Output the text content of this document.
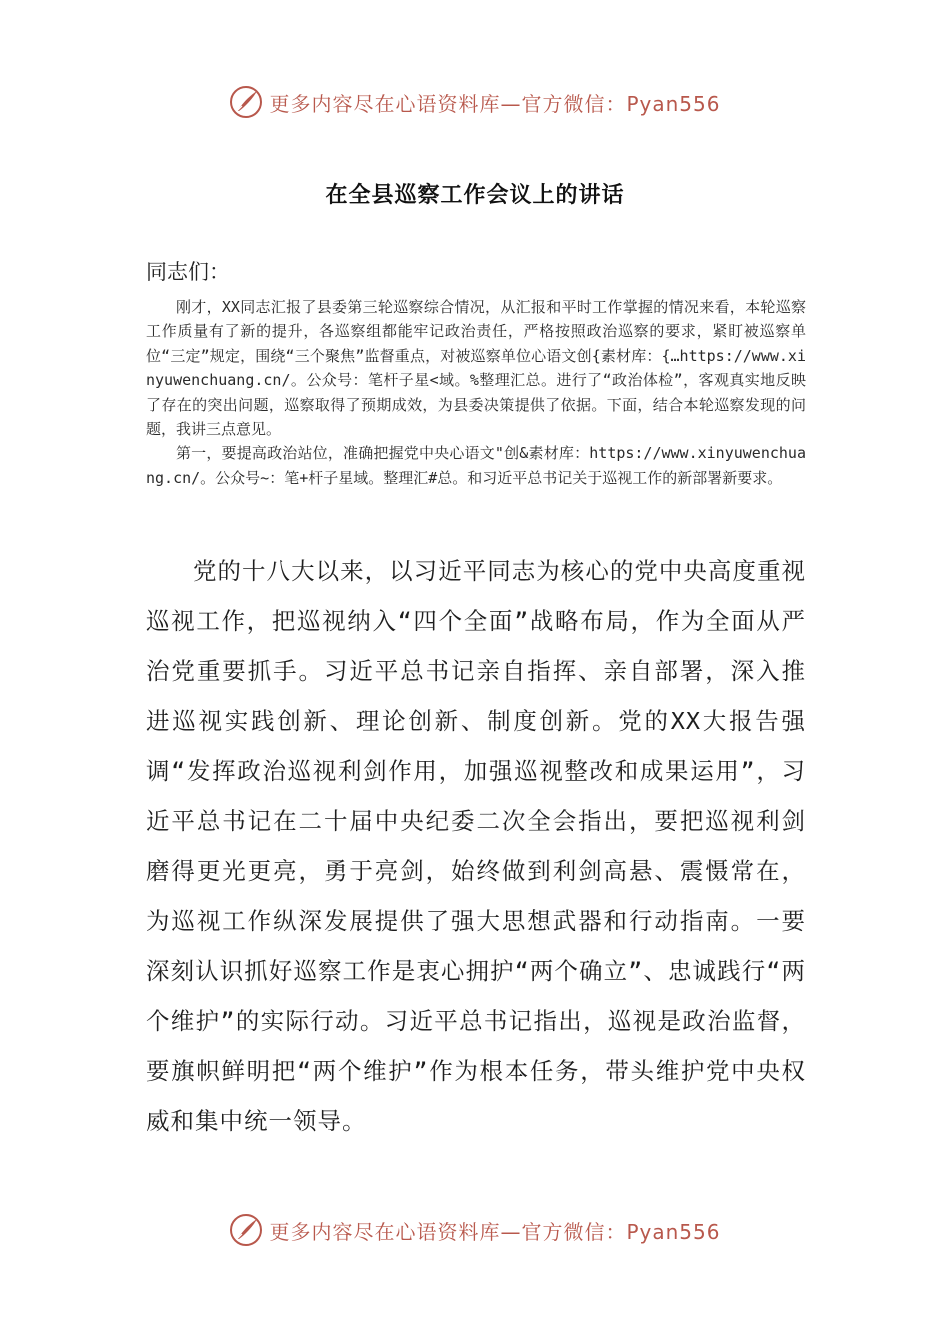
更多内容尽在心语资料库—官方微信：Pyan556
在全县巡察工作会议上的讲话
同志们：

刚才，XX同志汇报了县委第三轮巡察综合情况，从汇报和平时工作掌握的情况来看，本轮巡察工作质量有了新的提升，各巡察组都能牢记政治责任，严格按照政治巡察的要求，紧盯被巡察单位“三定”规定，围绕“三个聚焦”监督重点，对被巡察单位心语文创{素材库：{…https://www.xinyuwenchuang.cn/。公众号：笔杆子星<域。%整理汇总。进行了“政治体检”，客观真实地反映了存在的突出问题，巡察取得了预期成效，为县委决策提供了依据。下面，结合本轮巡察发现的问题，我讲三点意见。

第一，要提高政治站位，准确把握党中央心语文"创&素材库：https://www.xinyuwenchuang.cn/。公众号~：笔+杆子星域。整理汇#总。和习近平总书记关于巡视工作的新部署新要求。

党的十八大以来，以习近平同志为核心的党中央高度重视巡视工作，把巡视纳入“四个全面”战略布局，作为全面从严治党重要抓手。习近平总书记亲自指挥、亲自部署，深入推进巡视实践创新、理论创新、制度创新。党的XX大报告强调“发挥政治巡视利剑作用，加强巡视整改和成果运用”，习近平总书记在二十届中央纪委二次全会指出，要把巡视利剑磨得更光更亮，勇于亮剑，始终做到利剑高悬、震慑常在，为巡视工作纵深发展提供了强大思想武器和行动指南。一要深刻认识抓好巡察工作是衷心拥护“两个确立”、忠诚践行“两个维护”的实际行动。习近平总书记指出，巡视是政治监督，要旗帜鲜明把“两个维护”作为根本任务，带头维护党中央权威和集中统一领导。

更多内容尽在心语资料库—官方微信：Pyan556
